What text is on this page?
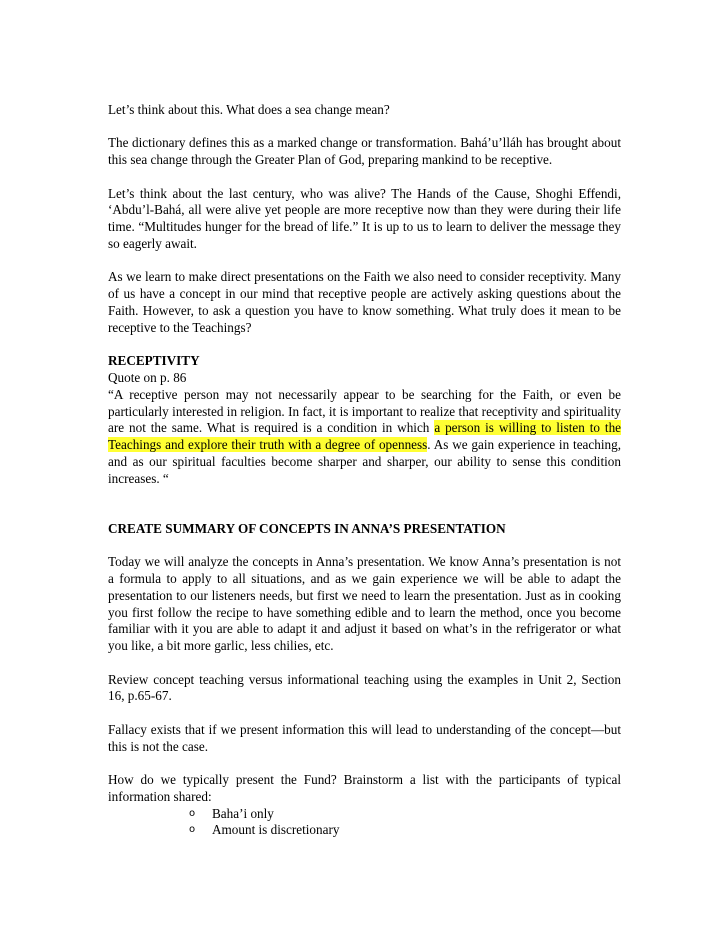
Let’s think about this. What does a sea change mean?

The dictionary defines this as a marked change or transformation. Bahá’u’lláh has brought about this sea change through the Greater Plan of God, preparing mankind to be receptive.

Let’s think about the last century, who was alive? The Hands of the Cause, Shoghi Effendi, ‘Abdu’l-Bahá, all were alive yet people are more receptive now than they were during their life time. “Multitudes hunger for the bread of life.” It is up to us to learn to deliver the message they so eagerly await.

As we learn to make direct presentations on the Faith we also need to consider receptivity. Many of us have a concept in our mind that receptive people are actively asking questions about the Faith. However, to ask a question you have to know something. What truly does it mean to be receptive to the Teachings?

RECEPTIVITY
Quote on p. 86

“A receptive person may not necessarily appear to be searching for the Faith, or even be particularly interested in religion. In fact, it is important to realize that receptivity and spirituality are not the same. What is required is a condition in which a person is willing to listen to the Teachings and explore their truth with a degree of openness. As we gain experience in teaching, and as our spiritual faculties become sharper and sharper, our ability to sense this condition increases. “

CREATE SUMMARY OF CONCEPTS IN ANNA’S PRESENTATION

Today we will analyze the concepts in Anna’s presentation. We know Anna’s presentation is not a formula to apply to all situations, and as we gain experience we will be able to adapt the presentation to our listeners needs, but first we need to learn the presentation. Just as in cooking you first follow the recipe to have something edible and to learn the method, once you become familiar with it you are able to adapt it and adjust it based on what’s in the refrigerator or what you like, a bit more garlic, less chilies, etc.

Review concept teaching versus informational teaching using the examples in Unit 2, Section 16, p.65-67.

Fallacy exists that if we present information this will lead to understanding of the concept—but this is not the case.

How do we typically present the Fund? Brainstorm a list with the participants of typical information shared:

o Baha’i only
o Amount is discretionary
